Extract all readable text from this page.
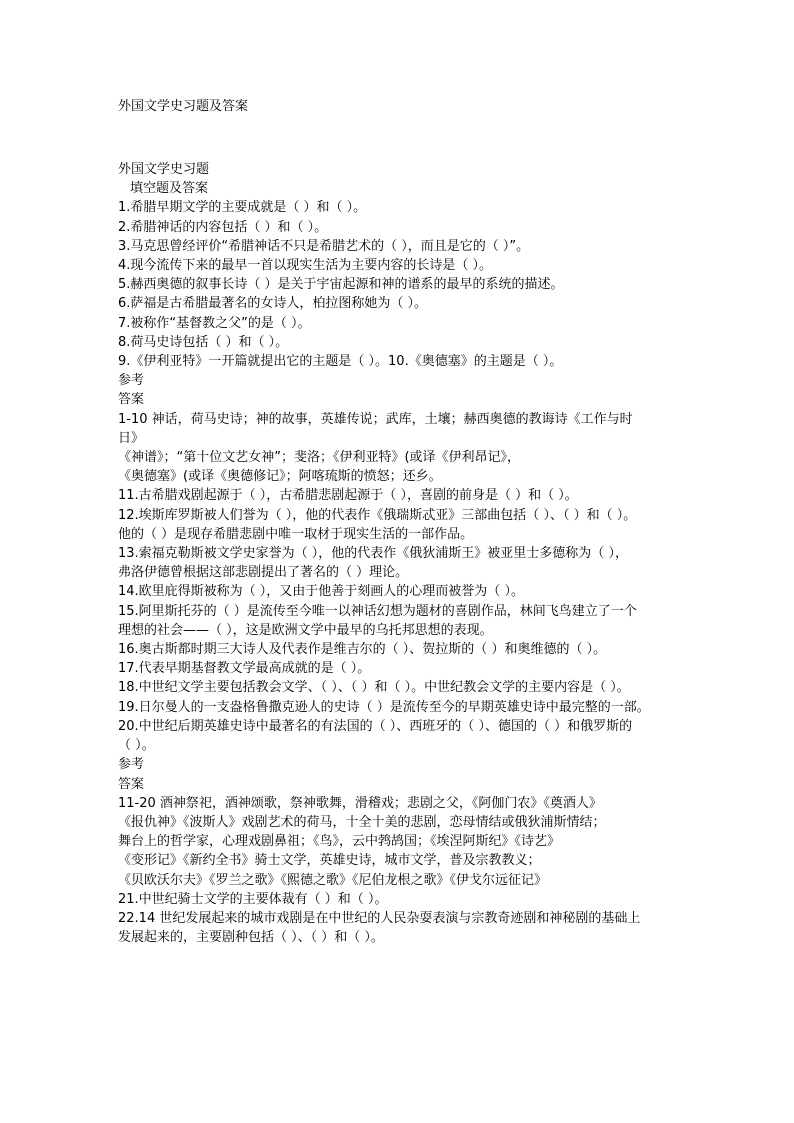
外国文学史习题及答案
外国文学史习题
填空题及答案
1.希腊早期文学的主要成就是（ ）和（ ）。
2.希腊神话的内容包括（ ）和（ ）。
3.马克思曾经评价“希腊神话不只是希腊艺术的（ ），而且是它的（ ）”。
4.现今流传下来的最早一首以现实生活为主要内容的长诗是（ ）。
5.赫西奥德的叙事长诗（ ）是关于宇宙起源和神的谱系的最早的系统的描述。
6.萨福是古希腊最著名的女诗人，柏拉图称她为（ ）。
7.被称作“基督教之父”的是（ ）。
8.荷马史诗包括（ ）和（ ）。
9.《伊利亚特》一开篇就提出它的主题是（ ）。10.《奥德塞》的主题是（ ）。
参考
答案
1-10 神话，荷马史诗；神的故事，英雄传说；武库，土壤；赫西奥德的教诲诗《工作与时
日》
《神谱》；“第十位文艺女神”；斐洛；《伊利亚特》(或译《伊利昂记》，
《奥德塞》(或译《奥德修记》；阿喀琉斯的愤怒；还乡。
11.古希腊戏剧起源于（ ），古希腊悲剧起源于（ ），喜剧的前身是（ ）和（ ）。
12.埃斯库罗斯被人们誉为（ ），他的代表作《俄瑞斯忒亚》三部曲包括（ ）、（ ）和（ ）。
他的（ ）是现存希腊悲剧中唯一取材于现实生活的一部作品。
13.索福克勒斯被文学史家誉为（ ），他的代表作《俄狄浦斯王》被亚里士多德称为（ ），
弗洛伊德曾根据这部悲剧提出了著名的（ ）理论。
14.欧里庇得斯被称为（ ），又由于他善于刻画人的心理而被誉为（ ）。
15.阿里斯托芬的（ ）是流传至今唯一以神话幻想为题材的喜剧作品，林间飞鸟建立了一个
理想的社会——（ ），这是欧洲文学中最早的乌托邦思想的表现。
16.奥古斯都时期三大诗人及代表作是维吉尔的（ ）、贺拉斯的（ ）和奥维德的（ ）。
17.代表早期基督教文学最高成就的是（ ）。
18.中世纪文学主要包括教会文学、（ ）、（ ）和（ ）。中世纪教会文学的主要内容是（ ）。
19.日尔曼人的一支盎格鲁撒克逊人的史诗（ ）是流传至今的早期英雄史诗中最完整的一部。
20.中世纪后期英雄史诗中最著名的有法国的（ ）、西班牙的（ ）、德国的（ ）和俄罗斯的
（ ）。
参考
答案
11-20 酒神祭祀，酒神颂歌，祭神歌舞，滑稽戏；悲剧之父，《阿伽门农》《奠酒人》
《报仇神》《波斯人》戏剧艺术的荷马，十全十美的悲剧，恋母情结或俄狄浦斯情结；
舞台上的哲学家，心理戏剧鼻祖；《鸟》，云中鹁鸪国；《埃涅阿斯纪》《诗艺》
《变形记》《新约全书》骑士文学，英雄史诗，城市文学，普及宗教教义；
《贝欧沃尔夫》《罗兰之歌》《熙德之歌》《尼伯龙根之歌》《伊戈尔远征记》
21.中世纪骑士文学的主要体裁有（ ）和（ ）。
22.14 世纪发展起来的城市戏剧是在中世纪的人民杂耍表演与宗教奇迹剧和神秘剧的基础上
发展起来的，主要剧种包括（ ）、（ ）和（ ）。
